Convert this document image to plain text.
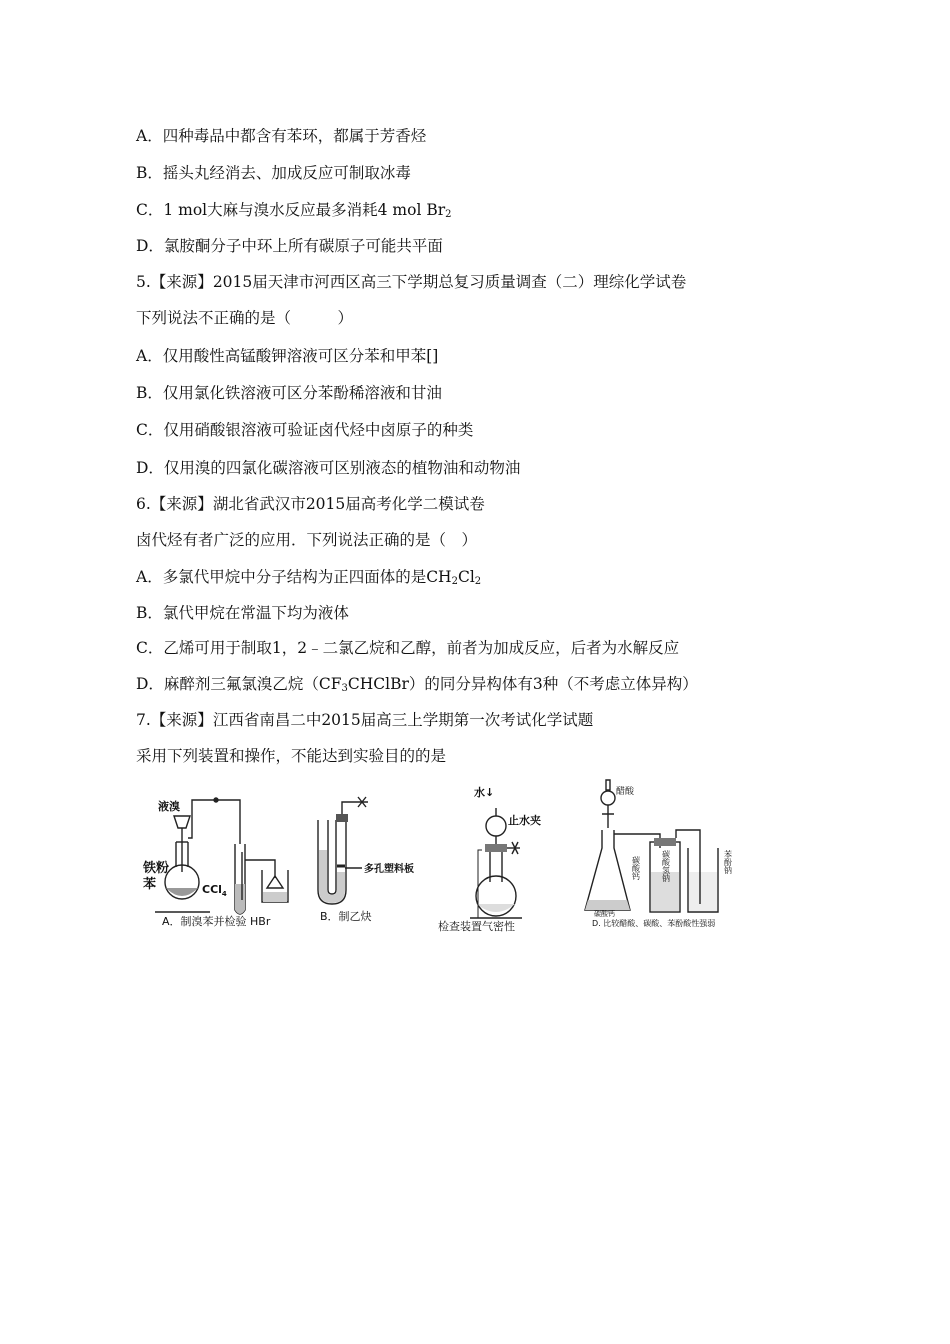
A．四种毒品中都含有苯环，都属于芳香烃
B．摇头丸经消去、加成反应可制取冰毒
C．1 mol大麻与溴水反应最多消耗4 mol $Br_2$
D．氯胺酮分子中环上所有碳原子可能共平面
5.【来源】2015届天津市河西区高三下学期总复习质量调查（二）理综化学试卷
下列说法不正确的是（　　　）
A．仅用酸性高锰酸钾溶液可区分苯和甲苯[]
B．仅用氯化铁溶液可区分苯酚稀溶液和甘油
C．仅用硝酸银溶液可验证卤代烃中卤原子的种类
D．仅用溴的四氯化碳溶液可区别液态的植物油和动物油
6.【来源】湖北省武汉市2015届高考化学二模试卷
卤代烃有者广泛的应用．下列说法正确的是（　）
A．多氯代甲烷中分子结构为正四面体的是$CH_2Cl_2$
B．氯代甲烷在常温下均为液体
C．乙烯可用于制取1，2﹣二氯乙烷和乙醇，前者为加成反应，后者为水解反应
D．麻醉剂三氟氯溴乙烷$(CF_3CHClBr)$的同分异构体有3种（不考虑立体异构）
7.【来源】江西省南昌二中2015届高三上学期第一次考试化学试题
采用下列装置和操作，不能达到实验目的的是
液溴
铁粉
苯	CCl$_4$
A．制溴苯并检验 HBr
多孔塑料板
B．制乙炔
水↓
止水夹
检查装置气密性
醋酸
碳酸钙	碳酸氢钠	苯酚钠
碳酸钙
D. 比较醋酸、碳酸、苯酚酸性强弱
